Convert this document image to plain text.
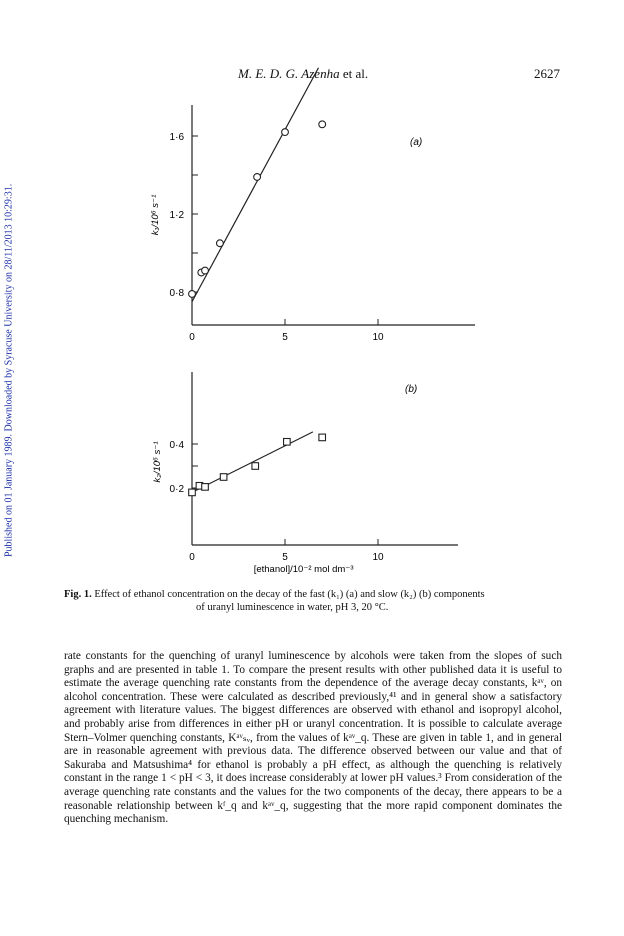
Published on 01 January 1989. Downloaded by Syracuse University on 28/11/2013 10:29:31.
M. E. D. G. Azenha et al.	2627
0·8
1·2
1·6
0	5	10
k₁/10⁶ s⁻¹
(a)
0·2
0·4
0	5	10
k₂/10⁶ s⁻¹
(b)
[ethanol]/10⁻² mol dm⁻³
Fig. 1. Effect of ethanol concentration on the decay of the fast (k₁) (a) and slow (k₂) (b) components
of uranyl luminescence in water, pH 3, 20 °C.
rate constants for the quenching of uranyl luminescence by alcohols were taken from the slopes of such graphs and are presented in table 1. To compare the present results with other published data it is useful to estimate the average quenching rate constants from the dependence of the average decay constants, kᵃᵛ, on alcohol concentration. These were calculated as described previously,⁴¹ and in general show a satisfactory agreement with literature values. The biggest differences are observed with ethanol and isopropyl alcohol, and probably arise from differences in either pH or uranyl concentration. It is possible to calculate average Stern–Volmer quenching constants, Kᵃᵛₛᵥ, from the values of kᵃᵛ_q. These are given in table 1, and in general are in reasonable agreement with previous data. The difference observed between our value and that of Sakuraba and Matsushima⁴ for ethanol is probably a pH effect, as although the quenching is relatively constant in the range 1 < pH < 3, it does increase considerably at lower pH values.³ From consideration of the average quenching rate constants and the values for the two components of the decay, there appears to be a reasonable relationship between kᶠ_q and kᵃᵛ_q, suggesting that the more rapid component dominates the quenching mechanism.
